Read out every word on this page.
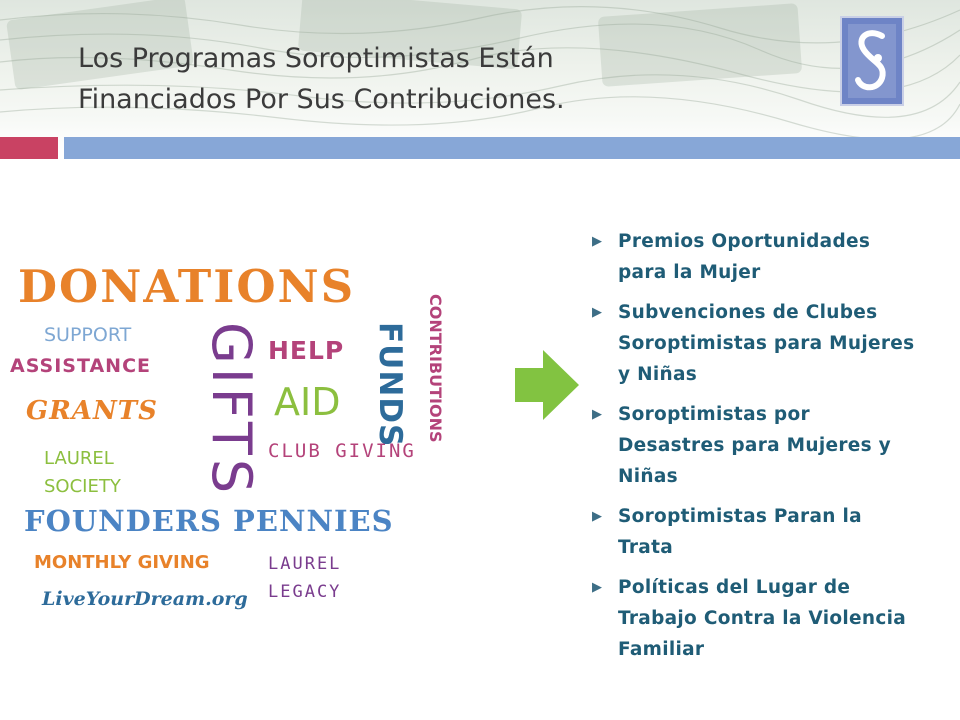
Los Programas Soroptimistas Están
Financiados Por Sus Contribuciones.
DONATIONS
SUPPORT
ASSISTANCE
GRANTS
LAUREL
SOCIETY GIFTS HELP
AID
CLUB GIVING
FUNDS CONTRIBUTIONS
FOUNDERS PENNIES
MONTHLY GIVING	LAUREL
LEGACY
LiveYourDream.org
▶ Premios Oportunidades para la Mujer
▶ Subvenciones de Clubes Soroptimistas para Mujeres y Niñas
▶ Soroptimistas por Desastres para Mujeres y Niñas
▶ Soroptimistas Paran la Trata
▶ Políticas del Lugar de Trabajo Contra la Violencia Familiar
